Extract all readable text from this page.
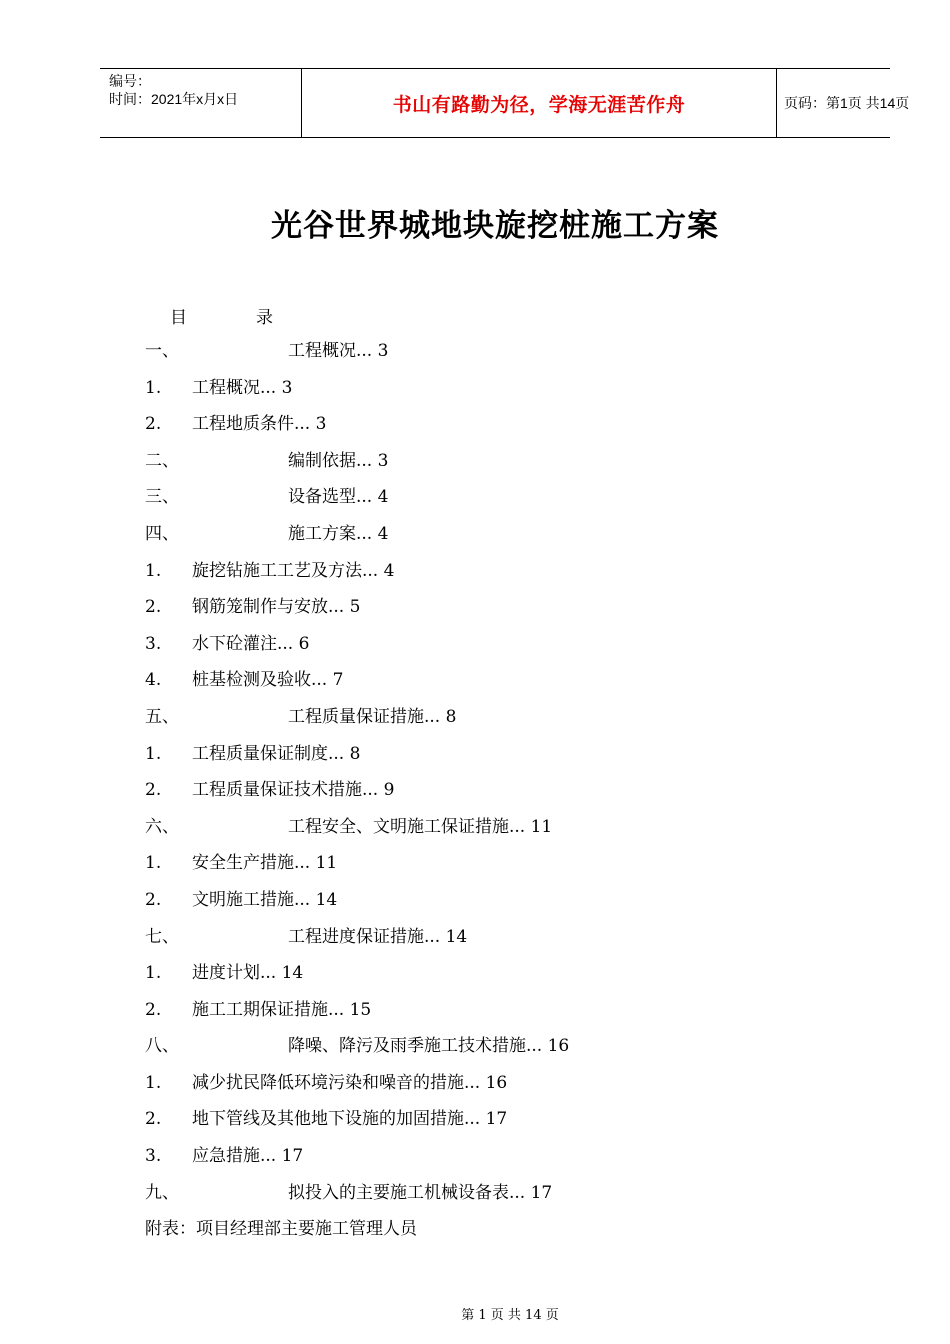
编号：
时间：2021年x月x日	书山有路勤为径，学海无涯苦作舟	页码：第1页 共14页
光谷世界城地块旋挖桩施工方案
目	录
一、	工程概况... 3
1. 工程概况... 3
2. 工程地质条件... 3
二、	编制依据... 3
三、	设备选型... 4
四、	施工方案... 4
1. 旋挖钻施工工艺及方法... 4
2. 钢筋笼制作与安放... 5
3. 水下砼灌注... 6
4. 桩基检测及验收... 7
五、	工程质量保证措施... 8
1. 工程质量保证制度... 8
2. 工程质量保证技术措施... 9
六、	工程安全、文明施工保证措施... 11
1. 安全生产措施... 11
2. 文明施工措施... 14
七、	工程进度保证措施... 14
1. 进度计划... 14
2. 施工工期保证措施... 15
八、	降噪、降污及雨季施工技术措施... 16
1. 减少扰民降低环境污染和噪音的措施... 16
2. 地下管线及其他地下设施的加固措施... 17
3. 应急措施... 17
九、	拟投入的主要施工机械设备表... 17
附表：项目经理部主要施工管理人员
第 1 页 共 14 页
